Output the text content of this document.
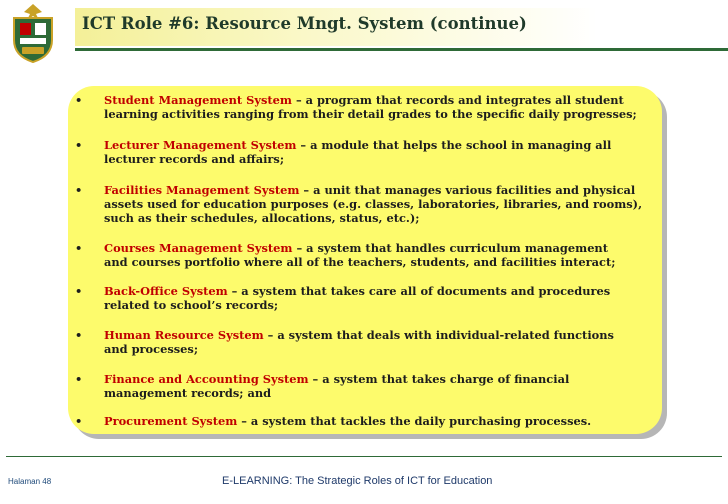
ICT Role #6: Resource Mngt. System (continue)
• Student Management System – a program that records and integrates all student
learning activities ranging from their detail grades to the specific daily progresses;
• Lecturer Management System – a module that helps the school in managing all
lecturer records and affairs;
• Facilities Management System – a unit that manages various facilities and physical
assets used for education purposes (e.g. classes, laboratories, libraries, and rooms),
such as their schedules, allocations, status, etc.);
• Courses Management System – a system that handles curriculum management
and courses portfolio where all of the teachers, students, and facilities interact;
• Back-Office System – a system that takes care all of documents and procedures
related to school’s records;
• Human Resource System – a system that deals with individual-related functions
and processes;
• Finance and Accounting System – a system that takes charge of financial
management records; and
• Procurement System – a system that tackles the daily purchasing processes.
Halaman 48	E-LEARNING: The Strategic Roles of ICT for Education
